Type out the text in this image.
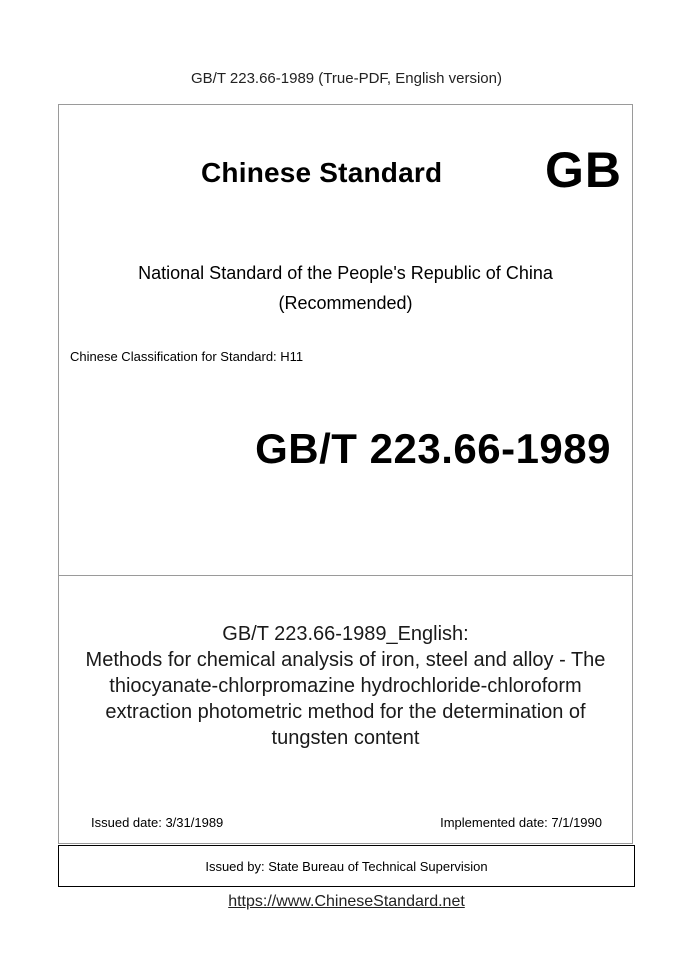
GB/T 223.66-1989 (True-PDF, English version)
Chinese Standard GB
National Standard of the People's Republic of China
(Recommended)
Chinese Classification for Standard: H11
GB/T 223.66-1989
GB/T 223.66-1989_English:
Methods for chemical analysis of iron, steel and alloy - The
thiocyanate-chlorpromazine hydrochloride-chloroform
extraction photometric method for the determination of
tungsten content
Issued date: 3/31/1989	Implemented date: 7/1/1990
Issued by: State Bureau of Technical Supervision
https://www.ChineseStandard.net
